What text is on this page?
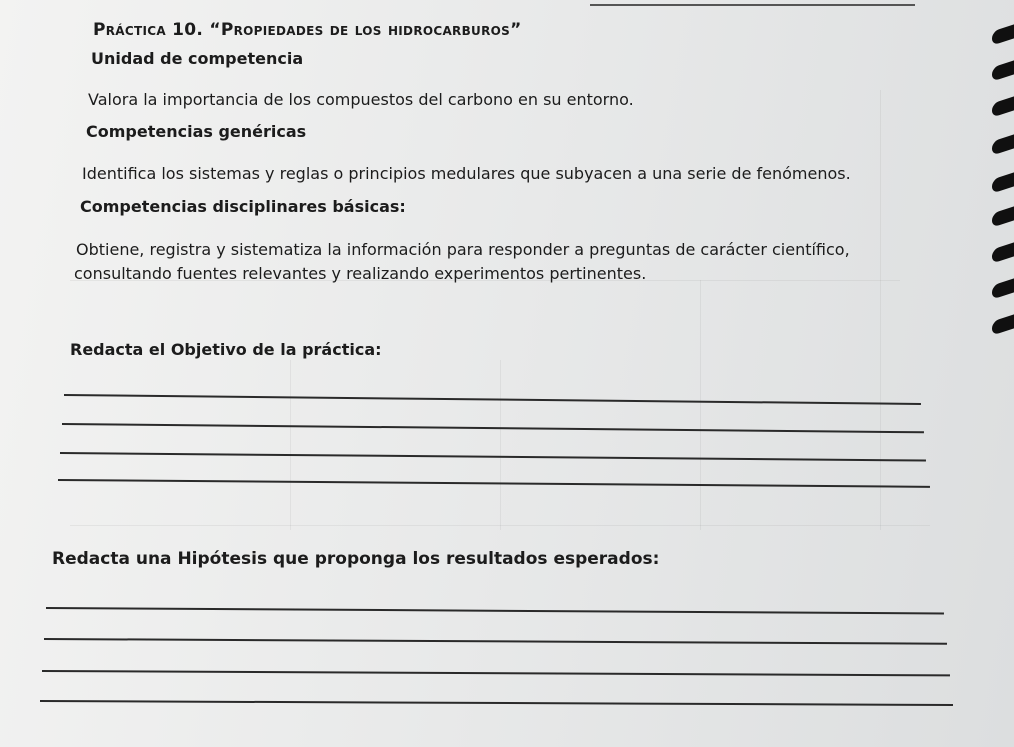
Práctica 10. “Propiedades de los hidrocarburos”
Unidad de competencia
Valora la importancia de los compuestos del carbono en su entorno.
Competencias genéricas
Identifica los sistemas y reglas o principios medulares que subyacen a una serie de fenómenos.
Competencias disciplinares básicas:
Obtiene, registra y sistematiza la información para responder a preguntas de carácter científico,
consultando fuentes relevantes y realizando experimentos pertinentes.
Redacta el Objetivo de la práctica:
Redacta una Hipótesis que proponga los resultados esperados:
